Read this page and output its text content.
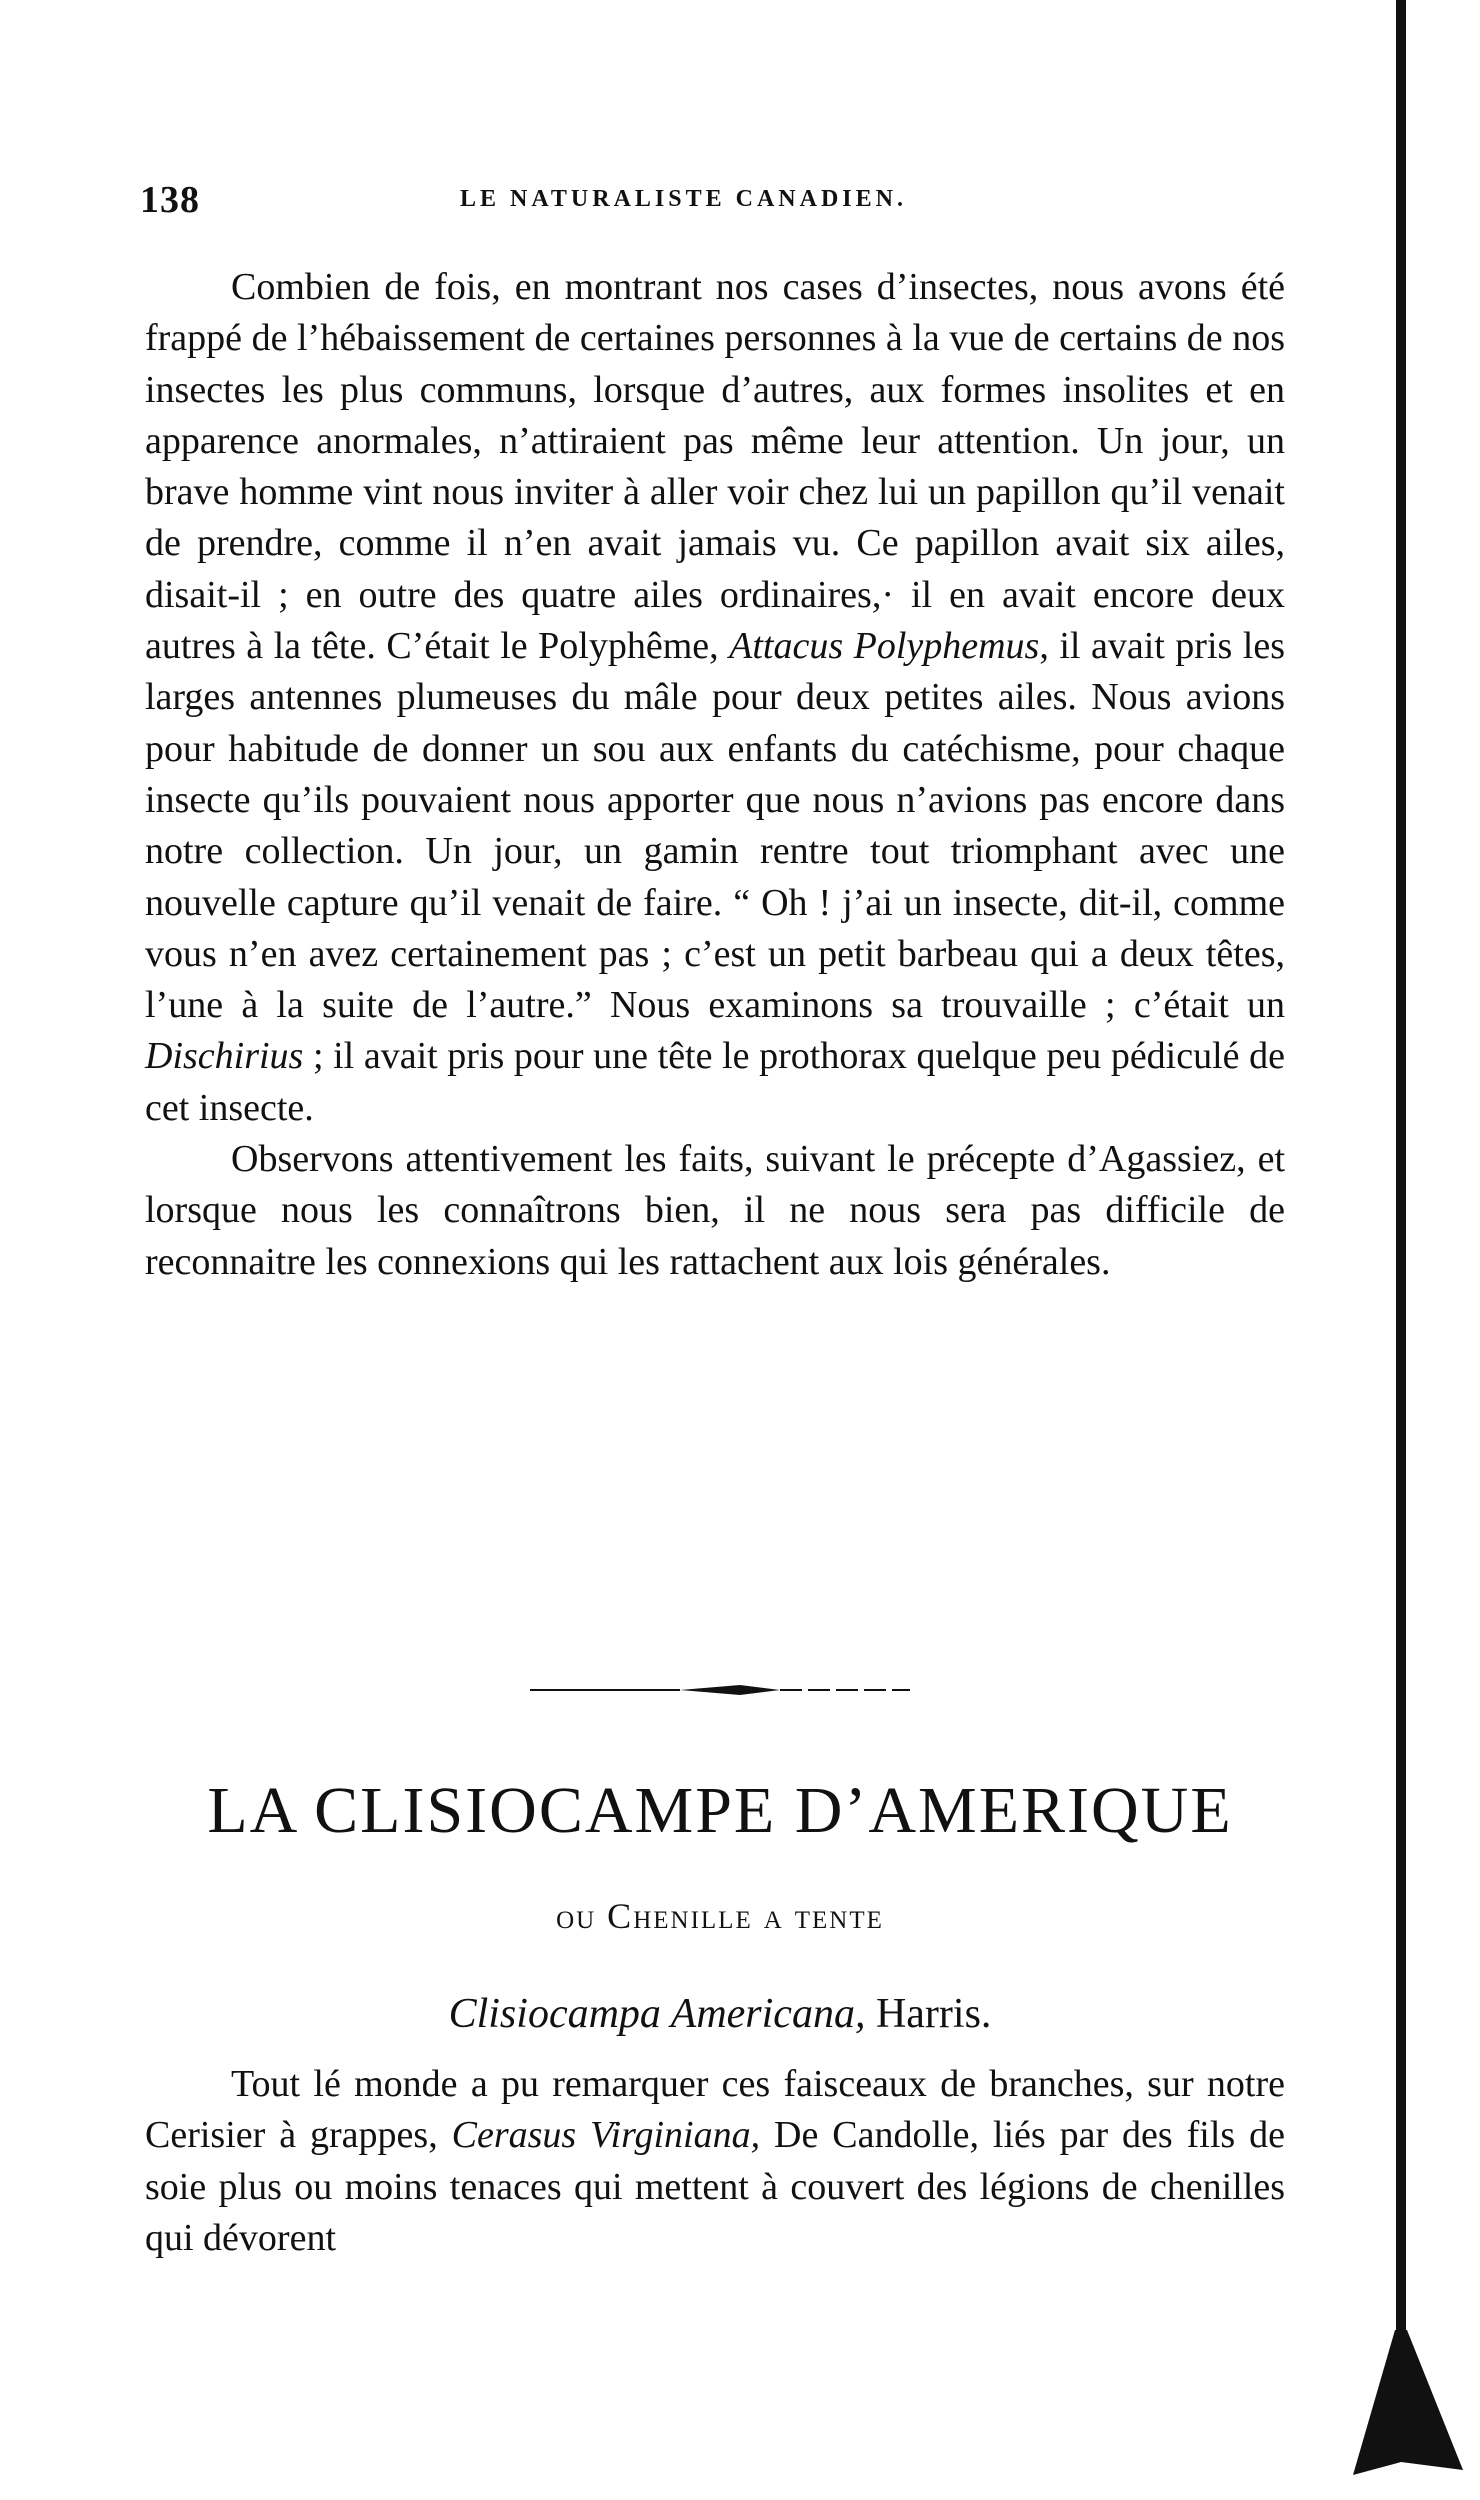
138	LE NATURALISTE CANADIEN.

Combien de fois, en montrant nos cases d’insectes, nous avons été frappé de l’hébaissement de certaines personnes à la vue de certains de nos insectes les plus communs, lorsque d’autres, aux formes insolites et en apparence anormales, n’attiraient pas même leur attention. Un jour, un brave homme vint nous inviter à aller voir chez lui un papillon qu’il venait de prendre, comme il n’en avait jamais vu. Ce papillon avait six ailes, disait-il ; en outre des quatre ailes ordinaires,· il en avait encore deux autres à la tête. C’était le Polyphême, Attacus Polyphemus, il avait pris les larges antennes plumeuses du mâle pour deux petites ailes. Nous avions pour habitude de donner un sou aux enfants du catéchisme, pour chaque insecte qu’ils pouvaient nous apporter que nous n’avions pas encore dans notre collection. Un jour, un gamin rentre tout triomphant avec une nouvelle capture qu’il venait de faire. “ Oh ! j’ai un insecte, dit-il, comme vous n’en avez certainement pas ; c’est un petit barbeau qui a deux têtes, l’une à la suite de l’autre.” Nous examinons sa trouvaille ; c’était un Dischirius ; il avait pris pour une tête le prothorax quelque peu pédiculé de cet insecte.

Observons attentivement les faits, suivant le précepte d’Agassiez, et lorsque nous les connaîtrons bien, il ne nous sera pas difficile de reconnaitre les connexions qui les rattachent aux lois générales.

LA CLISIOCAMPE D’AMERIQUE

ou Chenille a tente

Clisiocampa Americana, Harris.

Tout lé monde a pu remarquer ces faisceaux de branches, sur notre Cerisier à grappes, Cerasus Virginiana, De Candolle, liés par des fils de soie plus ou moins tenaces qui mettent à couvert des légions de chenilles qui dévorent
